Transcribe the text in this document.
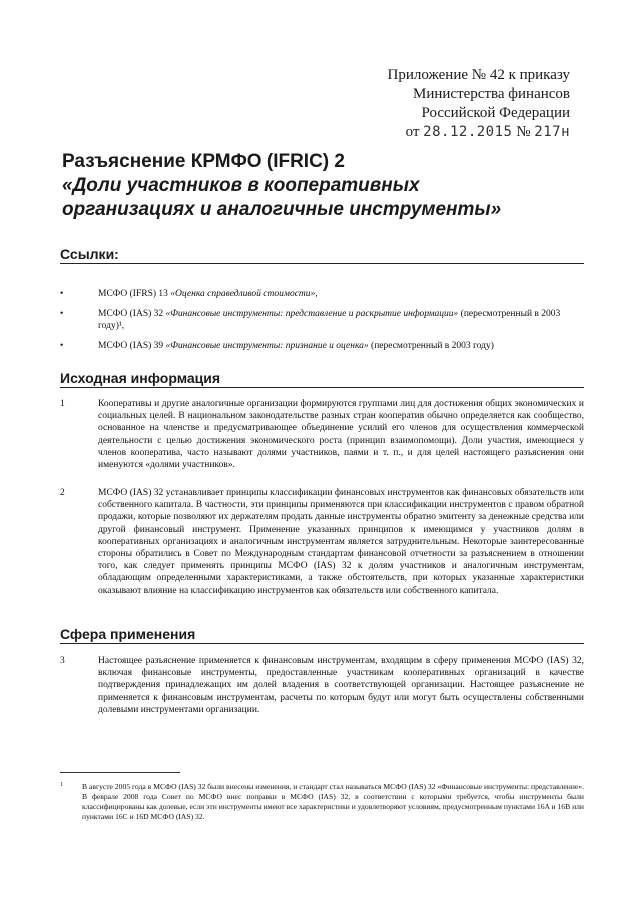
Приложение № 42 к приказу
Министерства финансов
Российской Федерации
от 28.12.2015 № 217н
Разъяснение КРМФО (IFRIC) 2
«Доли участников в кооперативных
организациях и аналогичные инструменты»
Ссылки:
•	МСФО (IFRS) 13 «Оценка справедливой стоимости»,
•	МСФО (IAS) 32 «Финансовые инструменты: представление и раскрытие информации» (пересмотренный в 2003 году)¹,
•	МСФО (IAS) 39 «Финансовые инструменты: признание и оценка» (пересмотренный в 2003 году)
Исходная информация
1	Кооперативы и другие аналогичные организации формируются группами лиц для достижения общих экономических и социальных целей. В национальном законодательстве разных стран кооператив обычно определяется как сообщество, основанное на членстве и предусматривающее объединение усилий его членов для осуществления коммерческой деятельности с целью достижения экономического роста (принцип взаимопомощи). Доли участия, имеющиеся у членов кооператива, часто называют долями участников, паями и т. п., и для целей настоящего разъяснения они именуются «долями участников».
2	МСФО (IAS) 32 устанавливает принципы классификации финансовых инструментов как финансовых обязательств или собственного капитала. В частности, эти принципы применяются при классификации инструментов с правом обратной продажи, которые позволяют их держателям продать данные инструменты обратно эмитенту за денежные средства или другой финансовый инструмент. Применение указанных принципов к имеющимся у участников долям в кооперативных организациях и аналогичным инструментам является затруднительным. Некоторые заинтересованные стороны обратились в Совет по Международным стандартам финансовой отчетности за разъяснением в отношении того, как следует применять принципы МСФО (IAS) 32 к долям участников и аналогичным инструментам, обладающим определенными характеристиками, а также обстоятельств, при которых указанные характеристики оказывают влияние на классификацию инструментов как обязательств или собственного капитала.
Сфера применения
3	Настоящее разъяснение применяется к финансовым инструментам, входящим в сферу применения МСФО (IAS) 32, включая финансовые инструменты, предоставленные участникам кооперативных организаций в качестве подтверждения принадлежащих им долей владения в соответствующей организации. Настоящее разъяснение не применяется к финансовым инструментам, расчеты по которым будут или могут быть осуществлены собственными долевыми инструментами организации.
1	В августе 2005 года в МСФО (IAS) 32 были внесены изменения, и стандарт стал называться МСФО (IAS) 32 «Финансовые инструменты: представление». В феврале 2008 года Совет по МСФО внес поправки в МСФО (IAS) 32, в соответствии с которыми требуется, чтобы инструменты были классифицированы как долевые, если эти инструменты имеют все характеристики и удовлетворяют условиям, предусмотренным пунктами 16A и 16B или пунктами 16C и 16D МСФО (IAS) 32.
